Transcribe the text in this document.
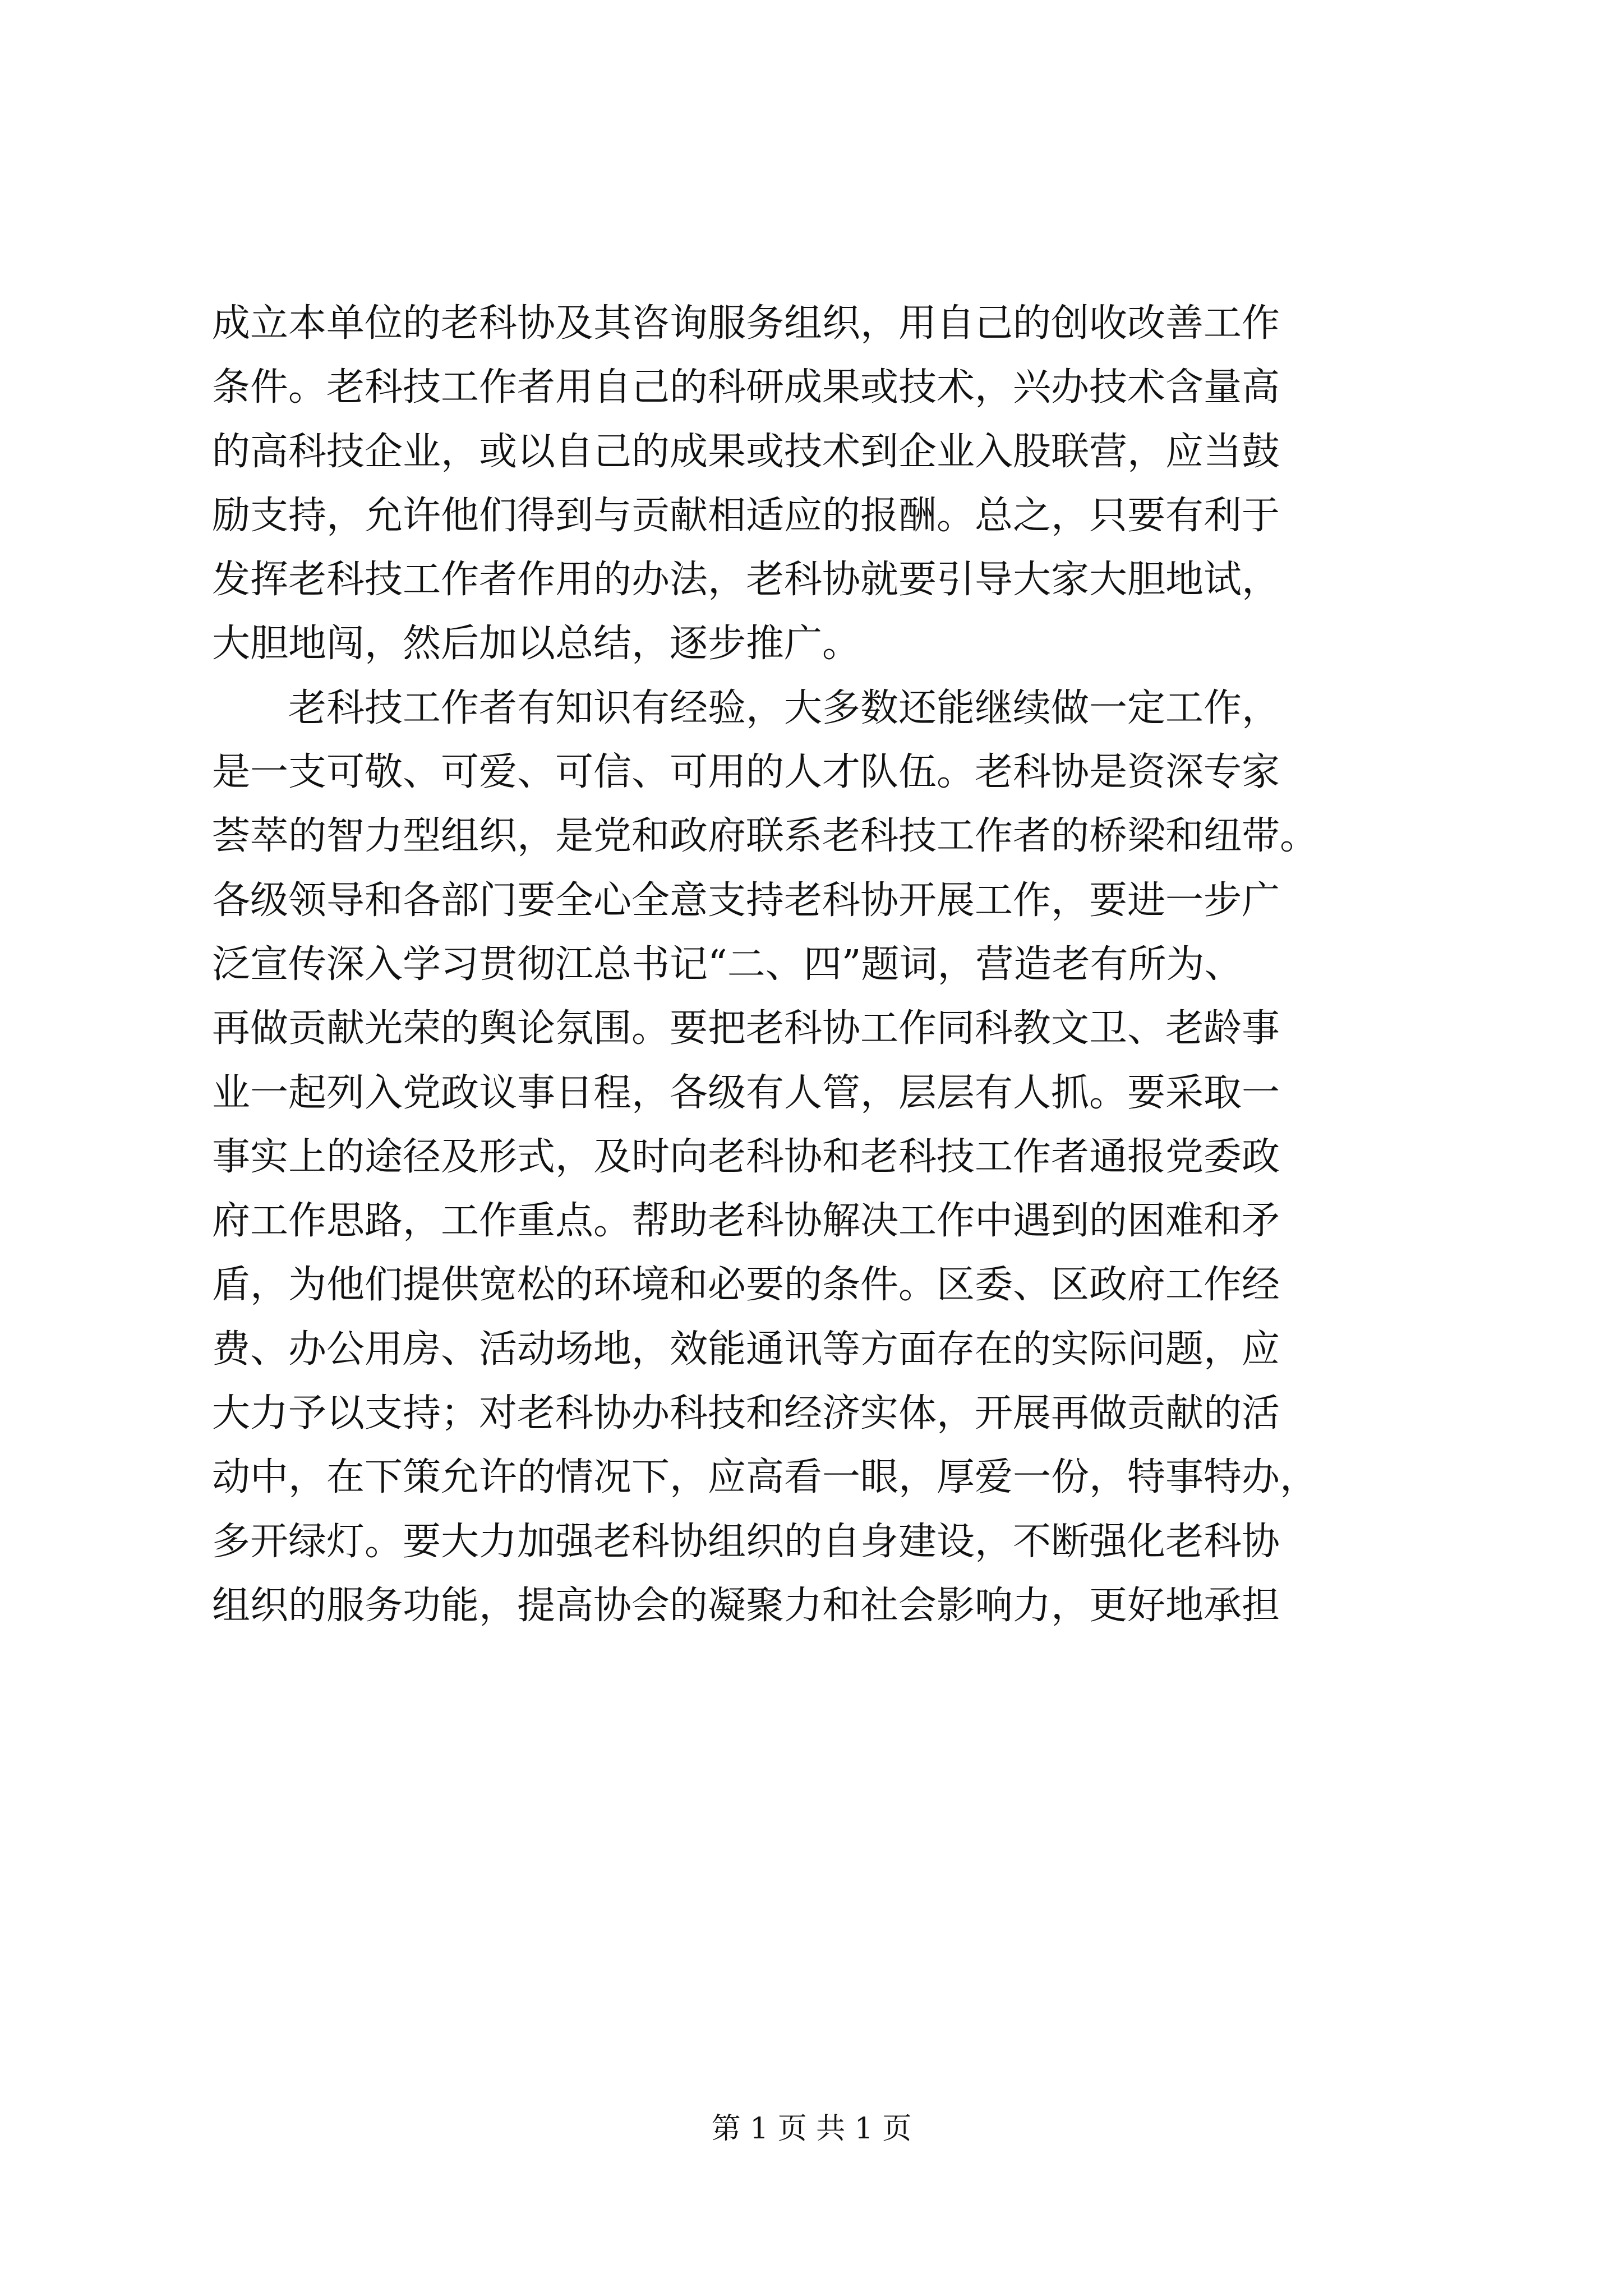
成立本单位的老科协及其咨询服务组织，用自己的创收改善工作
条件。老科技工作者用自己的科研成果或技术，兴办技术含量高
的高科技企业，或以自己的成果或技术到企业入股联营，应当鼓
励支持，允许他们得到与贡献相适应的报酬。总之，只要有利于
发挥老科技工作者作用的办法，老科协就要引导大家大胆地试，
大胆地闯，然后加以总结，逐步推广。
　　老科技工作者有知识有经验，大多数还能继续做一定工作，
是一支可敬、可爱、可信、可用的人才队伍。老科协是资深专家
荟萃的智力型组织，是党和政府联系老科技工作者的桥梁和纽带。
各级领导和各部门要全心全意支持老科协开展工作，要进一步广
泛宣传深入学习贯彻江总书记“二、四”题词，营造老有所为、
再做贡献光荣的舆论氛围。要把老科协工作同科教文卫、老龄事
业一起列入党政议事日程，各级有人管，层层有人抓。要采取一
事实上的途径及形式，及时向老科协和老科技工作者通报党委政
府工作思路，工作重点。帮助老科协解决工作中遇到的困难和矛
盾，为他们提供宽松的环境和必要的条件。区委、区政府工作经
费、办公用房、活动场地，效能通讯等方面存在的实际问题，应
大力予以支持；对老科协办科技和经济实体，开展再做贡献的活
动中，在下策允许的情况下，应高看一眼，厚爱一份，特事特办，
多开绿灯。要大力加强老科协组织的自身建设，不断强化老科协
组织的服务功能，提高协会的凝聚力和社会影响力，更好地承担
第 1 页 共 1 页
